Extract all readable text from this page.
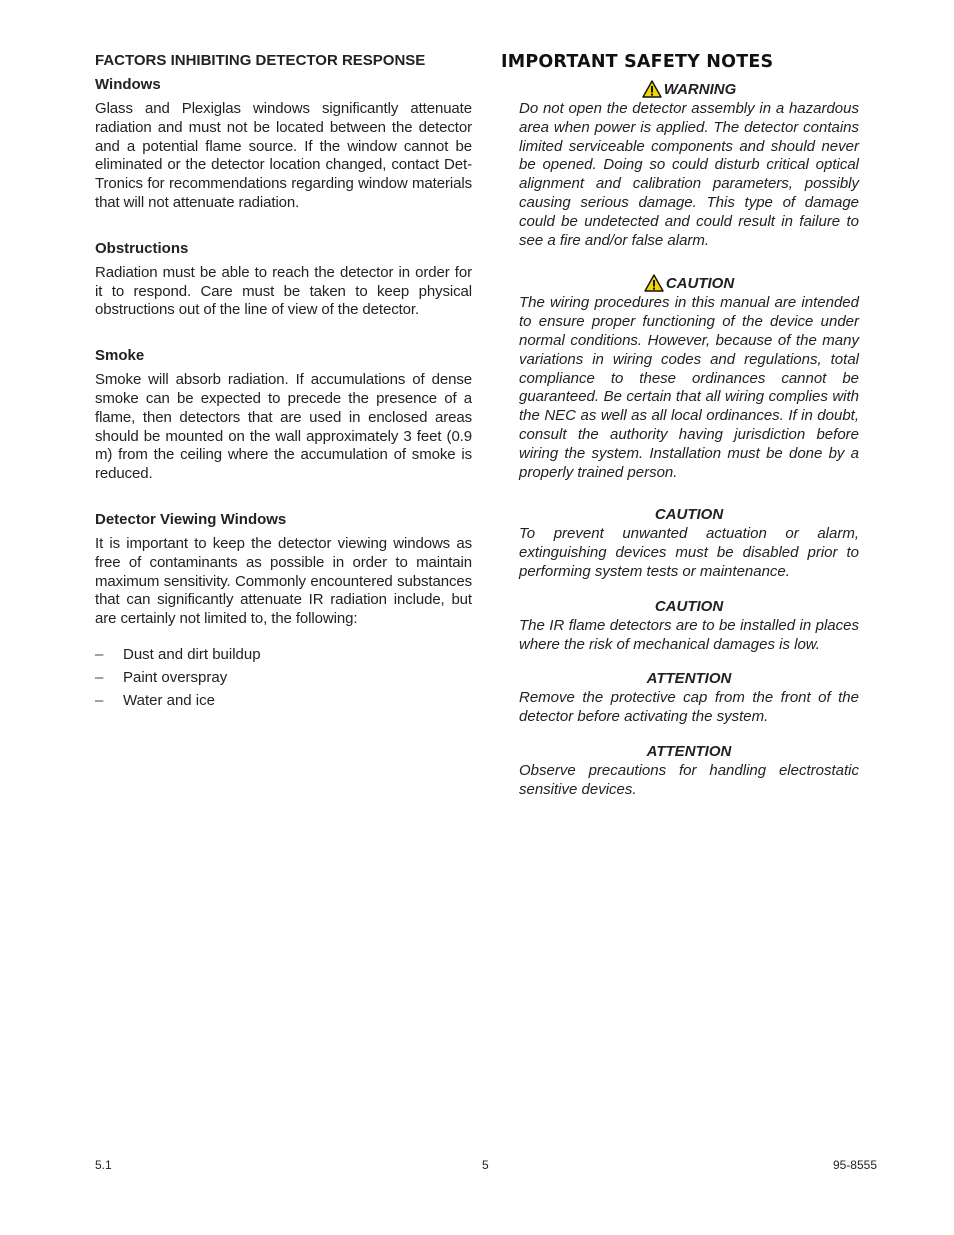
FACTORS INHIBITING DETECTOR RESPONSE
Windows

Glass and Plexiglas windows significantly attenuate radiation and must not be located between the detector and a potential flame source. If the window cannot be eliminated or the detector location changed, contact Det-Tronics for recommendations regarding window materials that will not attenuate radiation.

Obstructions

Radiation must be able to reach the detector in order for it to respond. Care must be taken to keep physical obstructions out of the line of view of the detector.

Smoke

Smoke will absorb radiation. If accumulations of dense smoke can be expected to precede the presence of a flame, then detectors that are used in enclosed areas should be mounted on the wall approximately 3 feet (0.9 m) from the ceiling where the accumulation of smoke is reduced.

Detector Viewing Windows

It is important to keep the detector viewing windows as free of contaminants as possible in order to maintain maximum sensitivity. Commonly encountered substances that can significantly attenuate IR radiation include, but are certainly not limited to, the following:

–	Dust and dirt buildup
–	Paint overspray
–	Water and ice
IMPORTANT SAFETY NOTES
WARNING

Do not open the detector assembly in a hazardous area when power is applied. The detector contains limited serviceable components and should never be opened. Doing so could disturb critical optical alignment and calibration parameters, possibly causing serious damage. This type of damage could be undetected and could result in failure to see a fire and/or false alarm.

CAUTION

The wiring procedures in this manual are intended to ensure proper functioning of the device under normal conditions. However, because of the many variations in wiring codes and regulations, total compliance to these ordinances cannot be guaranteed. Be certain that all wiring complies with the NEC as well as all local ordinances. If in doubt, consult the authority having jurisdiction before wiring the system. Installation must be done by a properly trained person.

CAUTION

To prevent unwanted actuation or alarm, extinguishing devices must be disabled prior to performing system tests or maintenance.

CAUTION

The IR flame detectors are to be installed in places where the risk of mechanical damages is low.

ATTENTION

Remove the protective cap from the front of the detector before activating the system.

ATTENTION

Observe precautions for handling electrostatic sensitive devices.

5.1	5	95-8555
